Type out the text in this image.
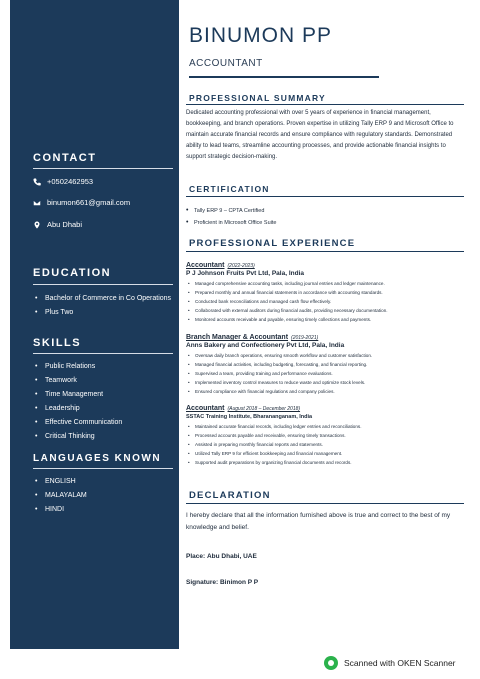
CONTACT
+0502462953
binumon661@gmail.com
Abu Dhabi
EDUCATION
• Bachelor of Commerce in Co Operations
• Plus Two
SKILLS
• Public Relations
• Teamwork
• Time Management
• Leadership
• Effective Communication
• Critical Thinking
LANGUAGES KNOWN
• ENGLISH
• MALAYALAM
• HINDI
BINUMON PP
ACCOUNTANT
PROFESSIONAL SUMMARY
Dedicated accounting professional with over 5 years of experience in financial management, bookkeeping, and branch operations. Proven expertise in utilizing Tally ERP 9 and Microsoft Office to maintain accurate financial records and ensure compliance with regulatory standards. Demonstrated ability to lead teams, streamline accounting processes, and provide actionable financial insights to support strategic decision-making.
CERTIFICATION
• Tally ERP 9 – CPTA Certified
• Proficient in Microsoft Office Suite
PROFESSIONAL EXPERIENCE
Accountant (2022-2023)
P J Johnson Fruits Pvt Ltd, Pala, India
• Managed comprehensive accounting tasks, including journal entries and ledger maintenance.
• Prepared monthly and annual financial statements in accordance with accounting standards.
• Conducted bank reconciliations and managed cash flow effectively.
• Collaborated with external auditors during financial audits, providing necessary documentation.
• Monitored accounts receivable and payable, ensuring timely collections and payments.
Branch Manager & Accountant (2019-2021)
Anns Bakery and Confectionery Pvt Ltd, Pala, India
• Oversaw daily branch operations, ensuring smooth workflow and customer satisfaction.
• Managed financial activities, including budgeting, forecasting, and financial reporting.
• Supervised a team, providing training and performance evaluations.
• Implemented inventory control measures to reduce waste and optimize stock levels.
• Ensured compliance with financial regulations and company policies.
Accountant (August 2018 – December 2018)
SSTAC Training Institute, Bharananganam, India
• Maintained accurate financial records, including ledger entries and reconciliations.
• Processed accounts payable and receivable, ensuring timely transactions.
• Assisted in preparing monthly financial reports and statements.
• Utilized Tally ERP 9 for efficient bookkeeping and financial management.
• Supported audit preparations by organizing financial documents and records.
DECLARATION
I hereby declare that all the information furnished above is true and correct to the best of my knowledge and belief.
Place: Abu Dhabi, UAE
Signature: Binimon P P
Scanned with OKEN Scanner
